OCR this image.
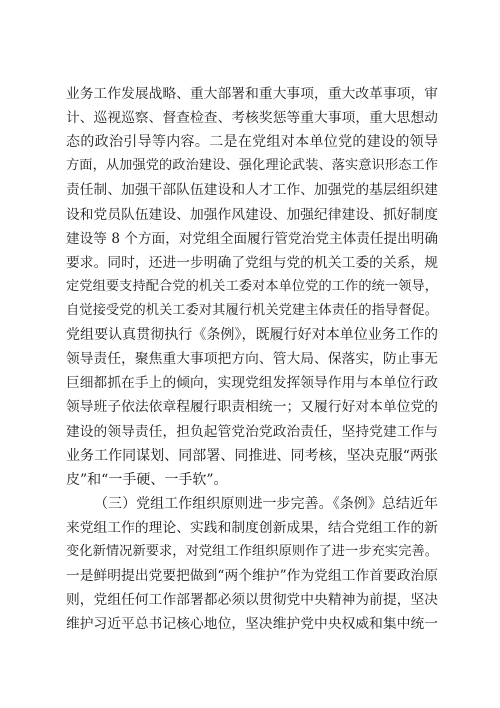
业务工作发展战略、重大部署和重大事项，重大改革事项，审
计、巡视巡察、督查检查、考核奖惩等重大事项，重大思想动
态的政治引导等内容。二是在党组对本单位党的建设的领导
方面，从加强党的政治建设、强化理论武装、落实意识形态工作
责任制、加强干部队伍建设和人才工作、加强党的基层组织建
设和党员队伍建设、加强作风建设、加强纪律建设、抓好制度
建设等 8 个方面，对党组全面履行管党治党主体责任提出明确
要求。同时，还进一步明确了党组与党的机关工委的关系，规
定党组要支持配合党的机关工委对本单位党的工作的统一领导，
自觉接受党的机关工委对其履行机关党建主体责任的指导督促。
党组要认真贯彻执行《条例》，既履行好对本单位业务工作的
领导责任，聚焦重大事项把方向、管大局、保落实，防止事无
巨细都抓在手上的倾向，实现党组发挥领导作用与本单位行政
领导班子依法依章程履行职责相统一；又履行好对本单位党的
建设的领导责任，担负起管党治党政治责任，坚持党建工作与
业务工作同谋划、同部署、同推进、同考核，坚决克服“两张
皮”和“一手硬、一手软”。
（三）党组工作组织原则进一步完善。《条例》总结近年
来党组工作的理论、实践和制度创新成果，结合党组工作的新
变化新情况新要求，对党组工作组织原则作了进一步充实完善。
一是鲜明提出党要把做到“两个维护”作为党组工作首要政治原
则，党组任何工作部署都必须以贯彻党中央精神为前提，坚决
维护习近平总书记核心地位，坚决维护党中央权威和集中统一
